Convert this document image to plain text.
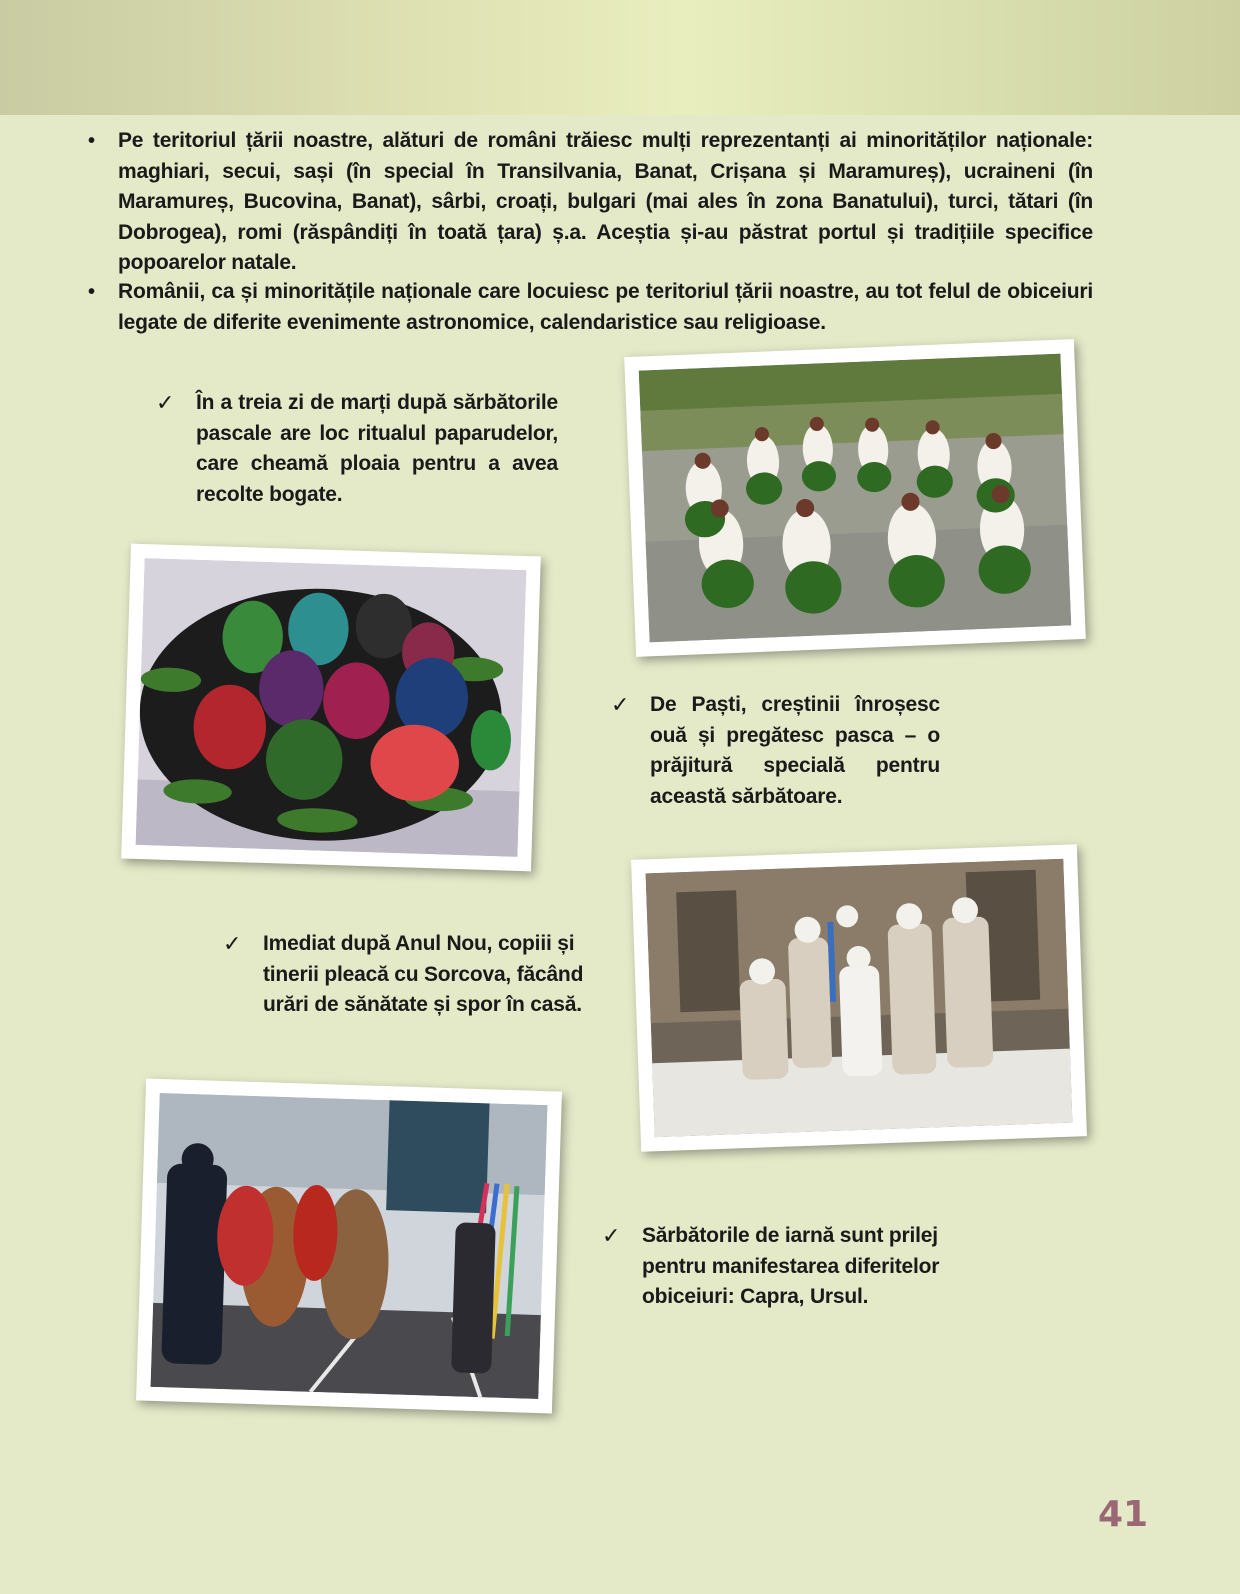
• Pe teritoriul țării noastre, alături de români trăiesc mulți reprezentanți ai minorităților naționale: maghiari, secui, sași (în special în Transilvania, Banat, Crișana și Maramureș), ucraineni (în Maramureș, Bucovina, Banat), sârbi, croați, bulgari (mai ales în zona Banatului), turci, tătari (în Dobrogea), romi (răspândiți în toată țara) ș.a. Aceștia și-au păstrat portul și tradițiile specifice popoarelor natale.

• Românii, ca și minoritățile naționale care locuiesc pe teritoriul țării noastre, au tot felul de obiceiuri legate de diferite evenimente astronomice, calendaristice sau religioase.

✓ În a treia zi de marți după sărbătorile pascale are loc ritualul paparudelor, care cheamă ploaia pentru a avea recolte bogate.

✓ De Paști, creștinii înroșesc ouă și pregătesc pasca – o prăjitură specială pentru această sărbătoare.

✓ Imediat după Anul Nou, copiii și tinerii pleacă cu Sorcova, făcând urări de sănătate și spor în casă.

✓ Sărbătorile de iarnă sunt prilej pentru manifestarea diferitelor obiceiuri: Capra, Ursul.

41
